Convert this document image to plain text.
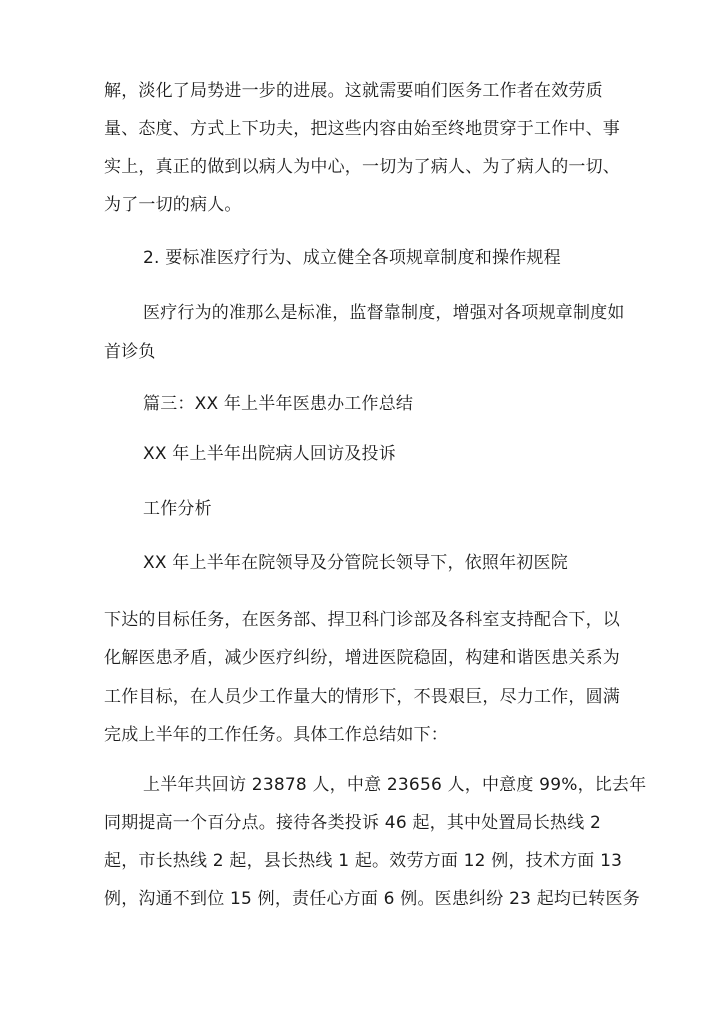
解，淡化了局势进一步的进展。这就需要咱们医务工作者在效劳质
量、态度、方式上下功夫，把这些内容由始至终地贯穿于工作中、事
实上，真正的做到以病人为中心，一切为了病人、为了病人的一切、
为了一切的病人。
2. 要标准医疗行为、成立健全各项规章制度和操作规程
医疗行为的准那么是标准，监督靠制度，增强对各项规章制度如
首诊负
篇三：XX 年上半年医患办工作总结
XX 年上半年出院病人回访及投诉
工作分析
XX 年上半年在院领导及分管院长领导下，依照年初医院
下达的目标任务，在医务部、捍卫科门诊部及各科室支持配合下，以
化解医患矛盾，减少医疗纠纷，增进医院稳固，构建和谐医患关系为
工作目标，在人员少工作量大的情形下，不畏艰巨，尽力工作，圆满
完成上半年的工作任务。具体工作总结如下：
上半年共回访 23878 人，中意 23656 人，中意度 99%，比去年
同期提高一个百分点。接待各类投诉 46 起，其中处置局长热线 2
起，市长热线 2 起，县长热线 1 起。效劳方面 12 例，技术方面 13
例，沟通不到位 15 例，责任心方面 6 例。医患纠纷 23 起均已转医务
